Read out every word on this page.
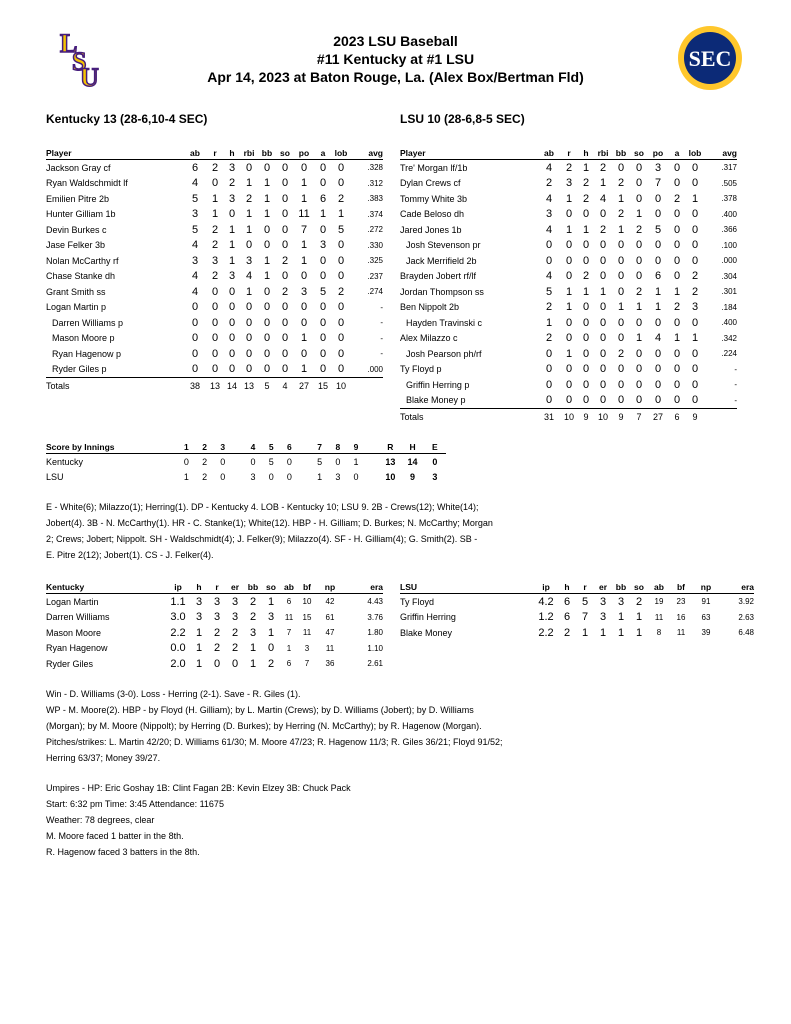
2023 LSU Baseball
#11 Kentucky at #1 LSU
Apr 14, 2023 at Baton Rouge, La. (Alex Box/Bertman Fld)
L
S
U
SEC
Kentucky 13 (28-6,10-4 SEC)	LSU 10 (28-6,8-5 SEC)
Player	ab	r	h	rbi	bb	so	po	a	lob	avg
Jackson Gray cf	6	2	3	0	0	0	0	0	0	.328
Ryan Waldschmidt lf	4	0	2	1	1	0	1	0	0	.312
Emilien Pitre 2b	5	1	3	2	1	0	1	6	2	.383
Hunter Gilliam 1b	3	1	0	1	1	0	11	1	1	.374
Devin Burkes c	5	2	1	1	0	0	7	0	5	.272
Jase Felker 3b	4	2	1	0	0	0	1	3	0	.330
Nolan McCarthy rf	3	3	1	3	1	2	1	0	0	.325
Chase Stanke dh	4	2	3	4	1	0	0	0	0	.237
Grant Smith ss	4	0	0	1	0	2	3	5	2	.274
Logan Martin p	0	0	0	0	0	0	0	0	0	-
Darren Williams p	0	0	0	0	0	0	0	0	0	-
Mason Moore p	0	0	0	0	0	0	1	0	0	-
Ryan Hagenow p	0	0	0	0	0	0	0	0	0	-
Ryder Giles p	0	0	0	0	0	0	1	0	0	.000
Totals	38	13	14	13	5	4	27	15	10	
Player	ab	r	h	rbi	bb	so	po	a	lob	avg
Tre' Morgan lf/1b	4	2	1	2	0	0	3	0	0	.317
Dylan Crews cf	2	3	2	1	2	0	7	0	0	.505
Tommy White 3b	4	1	2	4	1	0	0	2	1	.378
Cade Beloso dh	3	0	0	0	2	1	0	0	0	.400
Jared Jones 1b	4	1	1	2	1	2	5	0	0	.366
Josh Stevenson pr	0	0	0	0	0	0	0	0	0	.100
Jack Merrifield 2b	0	0	0	0	0	0	0	0	0	.000
Brayden Jobert rf/lf	4	0	2	0	0	0	6	0	2	.304
Jordan Thompson ss	5	1	1	1	0	2	1	1	2	.301
Ben Nippolt 2b	2	1	0	0	1	1	1	2	3	.184
Hayden Travinski c	1	0	0	0	0	0	0	0	0	.400
Alex Milazzo c	2	0	0	0	0	1	4	1	1	.342
Josh Pearson ph/rf	0	1	0	0	2	0	0	0	0	.224
Ty Floyd p	0	0	0	0	0	0	0	0	0	-
Griffin Herring p	0	0	0	0	0	0	0	0	0	-
Blake Money p	0	0	0	0	0	0	0	0	0	-
Totals	31	10	9	10	9	7	27	6	9	
Score by Innings	1	2	3		4	5	6		7	8	9		R	H	E
Kentucky	0	2	0		0	5	0		5	0	1		13	14	0
LSU	1	2	0		3	0	0		1	3	0		10	9	3
E - White(6); Milazzo(1); Herring(1). DP - Kentucky 4. LOB - Kentucky 10; LSU 9. 2B - Crews(12); White(14);
Jobert(4). 3B - N. McCarthy(1). HR - C. Stanke(1); White(12). HBP - H. Gilliam; D. Burkes; N. McCarthy; Morgan
2; Crews; Jobert; Nippolt. SH - Waldschmidt(4); J. Felker(9); Milazzo(4). SF - H. Gilliam(4); G. Smith(2). SB -
E. Pitre 2(12); Jobert(1). CS - J. Felker(4).
Kentucky	ip	h	r	er	bb	so	ab	bf	np	era
Logan Martin	1.1	3	3	3	2	1	6	10	42	4.43
Darren Williams	3.0	3	3	3	2	3	11	15	61	3.76
Mason Moore	2.2	1	2	2	3	1	7	11	47	1.80
Ryan Hagenow	0.0	1	2	2	1	0	1	3	11	1.10
Ryder Giles	2.0	1	0	0	1	2	6	7	36	2.61
LSU	ip	h	r	er	bb	so	ab	bf	np	era
Ty Floyd	4.2	6	5	3	3	2	19	23	91	3.92
Griffin Herring	1.2	6	7	3	1	1	11	16	63	2.63
Blake Money	2.2	2	1	1	1	1	8	11	39	6.48
Win - D. Williams (3-0). Loss - Herring (2-1). Save - R. Giles (1).
WP - M. Moore(2). HBP - by Floyd (H. Gilliam); by L. Martin (Crews); by D. Williams (Jobert); by D. Williams
(Morgan); by M. Moore (Nippolt); by Herring (D. Burkes); by Herring (N. McCarthy); by R. Hagenow (Morgan).
Pitches/strikes: L. Martin 42/20; D. Williams 61/30; M. Moore 47/23; R. Hagenow 11/3; R. Giles 36/21; Floyd 91/52;
Herring 63/37; Money 39/27.
Umpires - HP: Eric Goshay 1B: Clint Fagan 2B: Kevin Elzey 3B: Chuck Pack
Start: 6:32 pm Time: 3:45 Attendance: 11675
Weather: 78 degrees, clear
M. Moore faced 1 batter in the 8th.
R. Hagenow faced 3 batters in the 8th.
